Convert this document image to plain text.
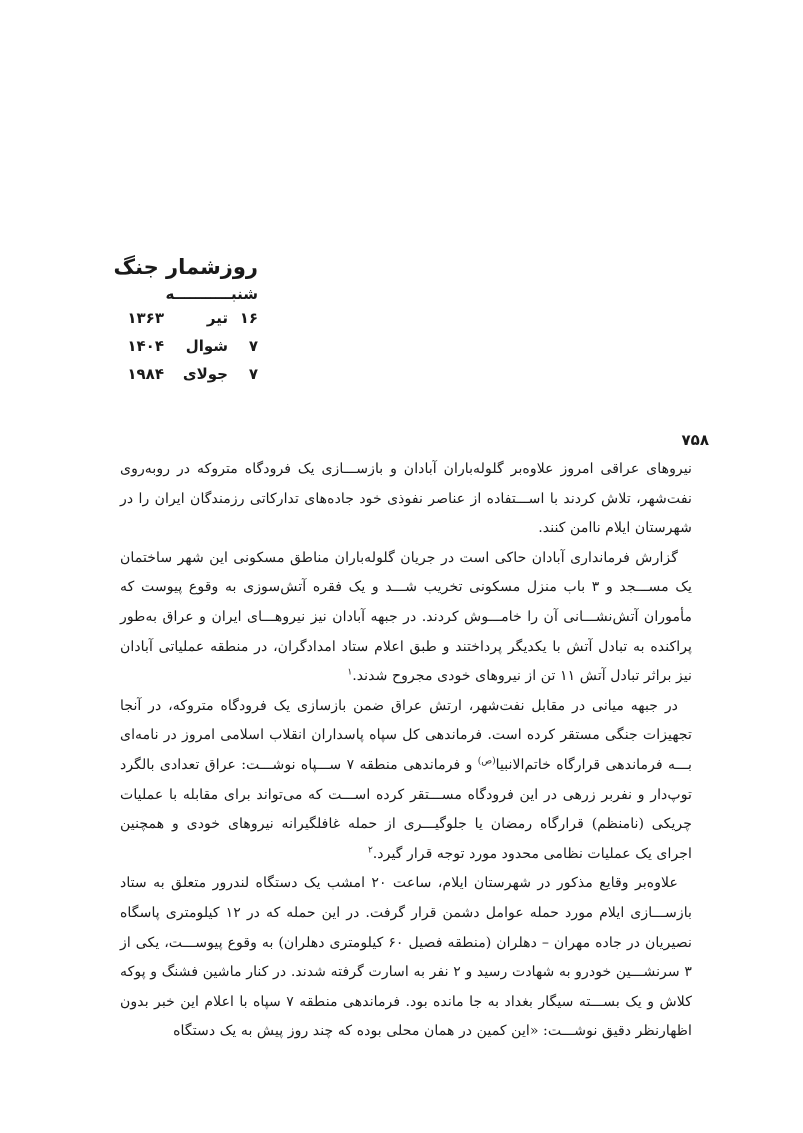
روزشمار جنگ
شنبـــــــــــه
۱۶
تیر
۱۳۶۳
۷
شوال
۱۴۰۴
۷
جولای
۱۹۸۴
۷۵۸

نیروهای عراقی امروز علاوه‌بر گلوله‌باران آبادان و بازســـازی یک فرودگاه متروکه در روبه‌روی نفت‌شهر، تلاش کردند با اســـتفاده از عناصر نفوذی خود جاده‌های تدارکاتی رزمندگان ایران را در شهرستان ایلام ناامن کنند.

گزارش فرمانداری آبادان حاکی است در جریان گلوله‌باران مناطق مسکونی این شهر ساختمان یک مســـجد و ۳ باب منزل مسکونی تخریب شـــد و یک فقره آتش‌سوزی به وقوع پیوست که مأموران آتش‌نشـــانی آن را خامـــوش کردند. در جبهه آبادان نیز نیروهـــای ایران و عراق به‌طور پراکنده به تبادل آتش با یکدیگر پرداختند و طبق اعلام ستاد امدادگران، در منطقه عملیاتی آبادان نیز براثر تبادل آتش ۱۱ تن از نیروهای خودی مجروح شدند.$^۱$

در جبهه میانی در مقابل نفت‌شهر، ارتش عراق ضمن بازسازی یک فرودگاه متروکه، در آنجا تجهیزات جنگی مستقر کرده است. فرماندهی کل سپاه پاسداران انقلاب اسلامی امروز در نامه‌ای بـــه فرماندهی قرارگاه خاتم‌الانبیا$^{(ص)}$ و فرماندهی منطقه ۷ ســـپاه نوشـــت: عراق تعدادی بالگرد توپ‌دار و نفربر زرهی در این فرودگاه مســـتقر کرده اســـت که می‌تواند برای مقابله با عملیات چریکی (نامنظم) قرارگاه رمضان یا جلوگیـــری از حمله غافلگیرانه نیروهای خودی و همچنین اجرای یک عملیات نظامی محدود مورد توجه قرار گیرد.$^۲$

علاوه‌بر وقایع مذکور در شهرستان ایلام، ساعت ۲۰ امشب یک دستگاه لندرور متعلق به ستاد بازســـازی ایلام مورد حمله عوامل دشمن قرار گرفت. در این حمله که در ۱۲ کیلومتری پاسگاه نصیریان در جاده مهران – دهلران (منطقه فصیل ۶۰ کیلومتری دهلران) به وقوع پیوســـت، یکی از ۳ سرنشـــین خودرو به شهادت رسید و ۲ نفر به اسارت گرفته شدند. در کنار ماشین فشنگ و پوکه کلاش و یک بســـته سیگار بغداد به جا مانده بود. فرماندهی منطقه ۷ سپاه با اعلام این خبر بدون اظهارنظر دقیق نوشـــت: «این کمین در همان محلی بوده که چند روز پیش به یک دستگاه
